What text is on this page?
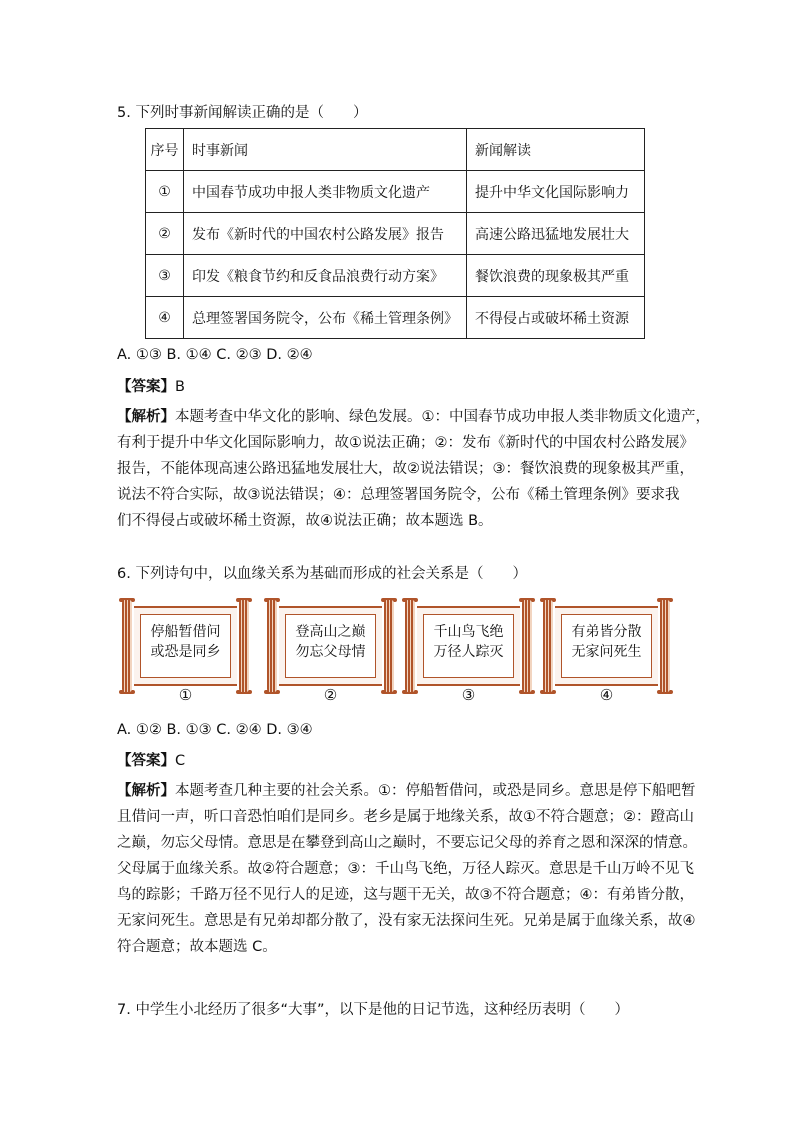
5. 下列时事新闻解读正确的是（　　）
序号	时事新闻	新闻解读
①	中国春节成功申报人类非物质文化遗产	提升中华文化国际影响力
②	发布《新时代的中国农村公路发展》报告	高速公路迅猛地发展壮大
③	印发《粮食节约和反食品浪费行动方案》	餐饮浪费的现象极其严重
④	总理签署国务院令，公布《稀土管理条例》	不得侵占或破坏稀土资源
A. ①③ B. ①④ C. ②③ D. ②④
【答案】B

【解析】本题考查中华文化的影响、绿色发展。①：中国春节成功申报人类非物质文化遗产，

有利于提升中华文化国际影响力，故①说法正确；②：发布《新时代的中国农村公路发展》

报告，不能体现高速公路迅猛地发展壮大，故②说法错误；③：餐饮浪费的现象极其严重，

说法不符合实际，故③说法错误；④：总理签署国务院令，公布《稀土管理条例》要求我

们不得侵占或破坏稀土资源，故④说法正确；故本题选 B。

6. 下列诗句中，以血缘关系为基础而形成的社会关系是（　　）
停船暂借问
或恐是同乡
①
登高山之巅
勿忘父母情
②
千山鸟飞绝
万径人踪灭
③
有弟皆分散
无家问死生
④
A. ①② B. ①③ C. ②④ D. ③④
【答案】C

【解析】本题考查几种主要的社会关系。①：停船暂借问，或恐是同乡。意思是停下船吧暂

且借问一声，听口音恐怕咱们是同乡。老乡是属于地缘关系，故①不符合题意；②：蹬高山

之巅，勿忘父母情。意思是在攀登到高山之巅时，不要忘记父母的养育之恩和深深的情意。

父母属于血缘关系。故②符合题意；③：千山鸟飞绝，万径人踪灭。意思是千山万岭不见飞

鸟的踪影；千路万径不见行人的足迹，这与题干无关，故③不符合题意；④：有弟皆分散，

无家问死生。意思是有兄弟却都分散了，没有家无法探问生死。兄弟是属于血缘关系，故④

符合题意；故本题选 C。

7. 中学生小北经历了很多“大事”，以下是他的日记节选，这种经历表明（　　）
